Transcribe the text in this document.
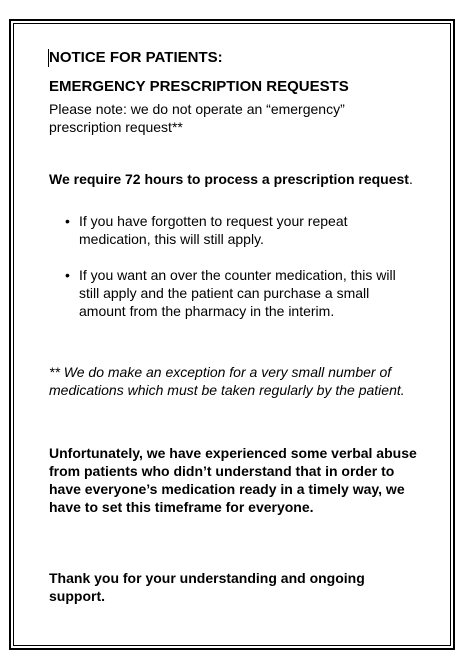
NOTICE FOR PATIENTS:
EMERGENCY PRESCRIPTION REQUESTS

Please note: we do not operate an “emergency” prescription request**

We require 72 hours to process a prescription request.

• If you have forgotten to request your repeat medication, this will still apply.
• If you want an over the counter medication, this will still apply and the patient can purchase a small amount from the pharmacy in the interim.

** We do make an exception for a very small number of medications which must be taken regularly by the patient.

Unfortunately, we have experienced some verbal abuse from patients who didn’t understand that in order to have everyone’s medication ready in a timely way, we have to set this timeframe for everyone.

Thank you for your understanding and ongoing support.
